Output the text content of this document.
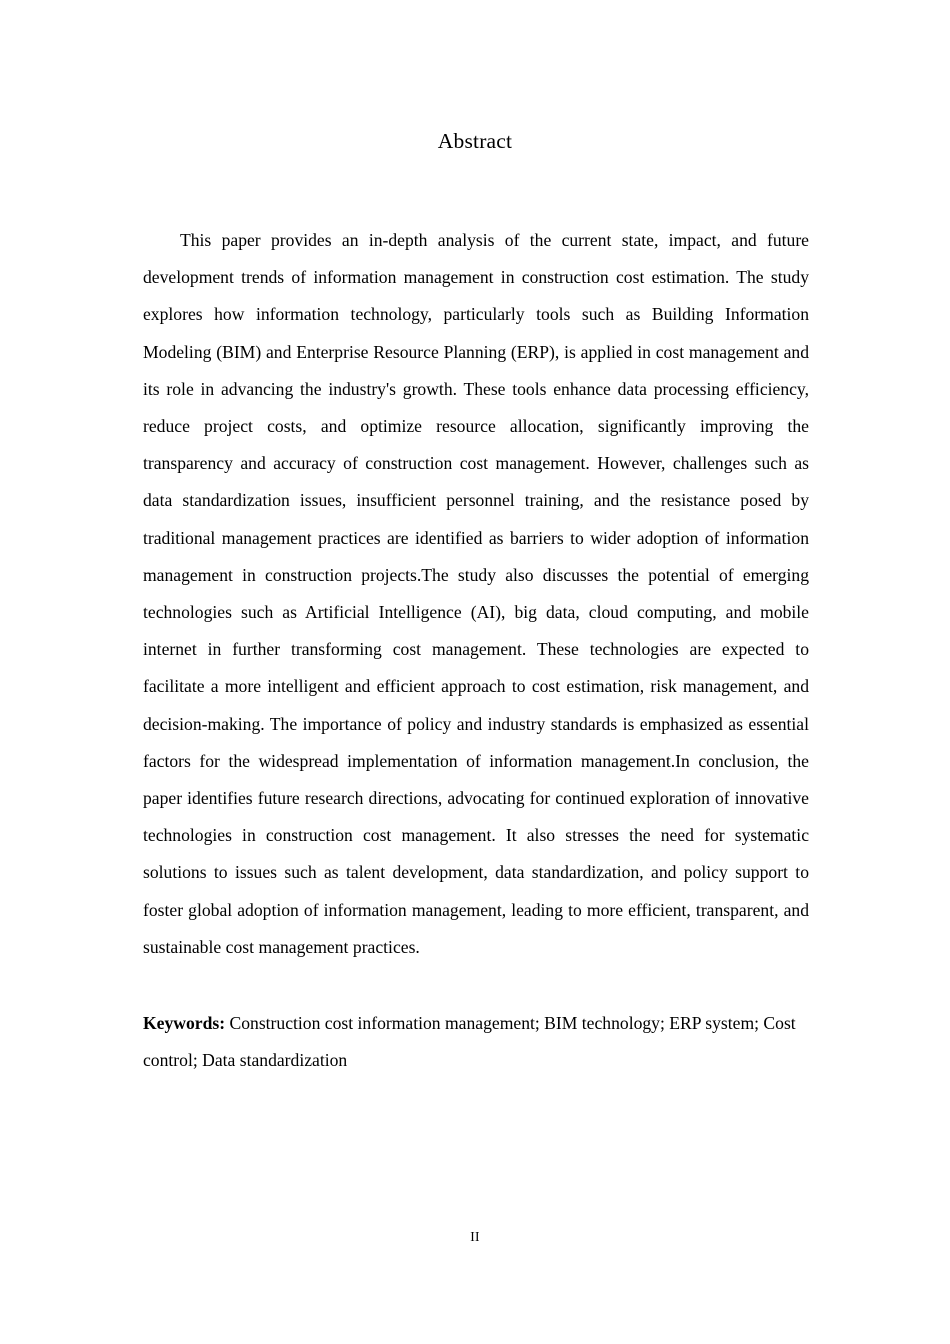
Abstract

This paper provides an in-depth analysis of the current state, impact, and future development trends of information management in construction cost estimation. The study explores how information technology, particularly tools such as Building Information Modeling (BIM) and Enterprise Resource Planning (ERP), is applied in cost management and its role in advancing the industry's growth. These tools enhance data processing efficiency, reduce project costs, and optimize resource allocation, significantly improving the transparency and accuracy of construction cost management. However, challenges such as data standardization issues, insufficient personnel training, and the resistance posed by traditional management practices are identified as barriers to wider adoption of information management in construction projects.The study also discusses the potential of emerging technologies such as Artificial Intelligence (AI), big data, cloud computing, and mobile internet in further transforming cost management. These technologies are expected to facilitate a more intelligent and efficient approach to cost estimation, risk management, and decision-making. The importance of policy and industry standards is emphasized as essential factors for the widespread implementation of information management.In conclusion, the paper identifies future research directions, advocating for continued exploration of innovative technologies in construction cost management. It also stresses the need for systematic solutions to issues such as talent development, data standardization, and policy support to foster global adoption of information management, leading to more efficient, transparent, and sustainable cost management practices.

Keywords: Construction cost information management; BIM technology; ERP system; Cost control; Data standardization

II
